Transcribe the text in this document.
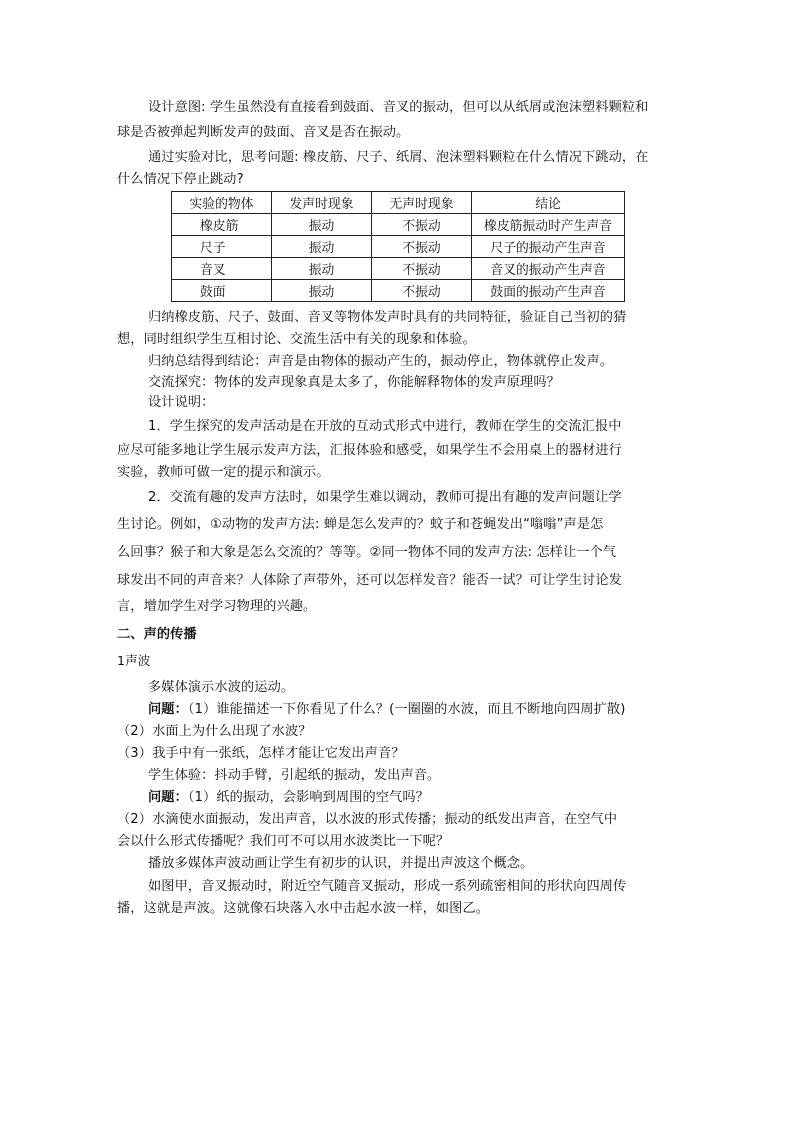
设计意图: 学生虽然没有直接看到鼓面、音叉的振动，但可以从纸屑或泡沫塑料颗粒和
球是否被弹起判断发声的鼓面、音叉是否在振动。
通过实验对比，思考问题: 橡皮筋、尺子、纸屑、泡沫塑料颗粒在什么情况下跳动，在
什么情况下停止跳动?
实验的物体	发声时现象	无声时现象	结论
橡皮筋	振动	不振动	橡皮筋振动时产生声音
尺子	振动	不振动	尺子的振动产生声音
音叉	振动	不振动	音叉的振动产生声音
鼓面	振动	不振动	鼓面的振动产生声音
归纳橡皮筋、尺子、鼓面、音叉等物体发声时具有的共同特征，验证自己当初的猜
想，同时组织学生互相讨论、交流生活中有关的现象和体验。
归纳总结得到结论：声音是由物体的振动产生的，振动停止，物体就停止发声。
交流探究：物体的发声现象真是太多了，你能解释物体的发声原理吗？
设计说明：
1．学生探究的发声活动是在开放的互动式形式中进行，教师在学生的交流汇报中
应尽可能多地让学生展示发声方法，汇报体验和感受，如果学生不会用桌上的器材进行
实验，教师可做一定的提示和演示。
2．交流有趣的发声方法时，如果学生难以调动，教师可提出有趣的发声问题让学
生讨论。例如，①动物的发声方法: 蝉是怎么发声的？蚊子和苍蝇发出“嗡嗡”声是怎
么回事？猴子和大象是怎么交流的？等等。②同一物体不同的发声方法: 怎样让一个气
球发出不同的声音来？人体除了声带外，还可以怎样发音？能否一试？可让学生讨论发
言，增加学生对学习物理的兴趣。
二、声的传播
1声波
多媒体演示水波的运动。
问题：（1）谁能描述一下你看见了什么？(一圈圈的水波，而且不断地向四周扩散)
（2）水面上为什么出现了水波？
（3）我手中有一张纸，怎样才能让它发出声音？
学生体验：抖动手臂，引起纸的振动，发出声音。
问题：（1）纸的振动，会影响到周围的空气吗？
（2）水滴使水面振动，发出声音，以水波的形式传播；振动的纸发出声音，在空气中
会以什么形式传播呢？我们可不可以用水波类比一下呢？
播放多媒体声波动画让学生有初步的认识，并提出声波这个概念。
如图甲，音叉振动时，附近空气随音叉振动，形成一系列疏密相间的形状向四周传
播，这就是声波。这就像石块落入水中击起水波一样，如图乙。
